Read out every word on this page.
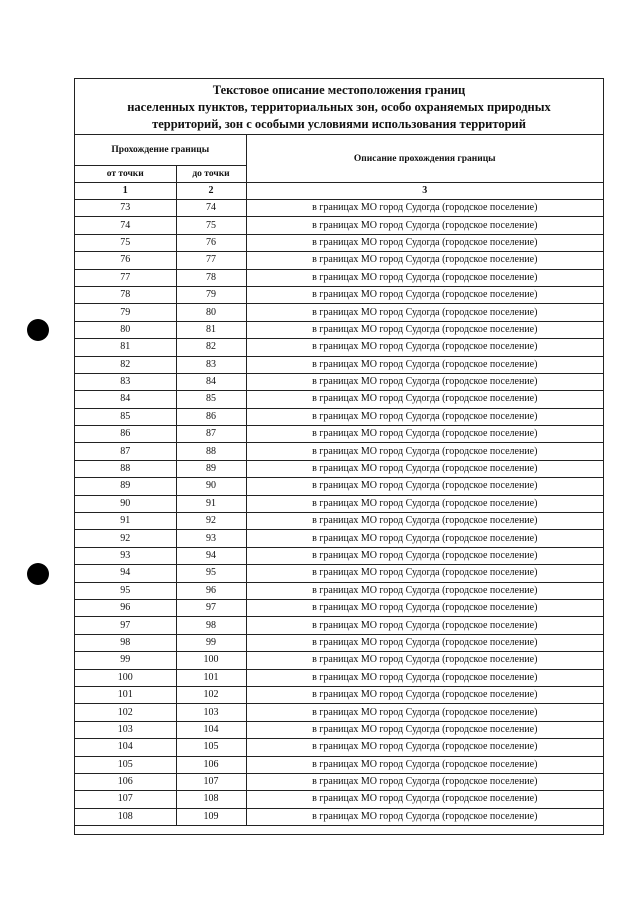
Текстовое описание местоположения границ
населенных пунктов, территориальных зон, особо охраняемых природных
территорий, зон с особыми условиями использования территорий
Прохождение границы		Описание прохождения границы
от точки	до точки	
1	2	3
73	74	в границах МО город Судогда (городское поселение)
74	75	в границах МО город Судогда (городское поселение)
75	76	в границах МО город Судогда (городское поселение)
76	77	в границах МО город Судогда (городское поселение)
77	78	в границах МО город Судогда (городское поселение)
78	79	в границах МО город Судогда (городское поселение)
79	80	в границах МО город Судогда (городское поселение)
80	81	в границах МО город Судогда (городское поселение)
81	82	в границах МО город Судогда (городское поселение)
82	83	в границах МО город Судогда (городское поселение)
83	84	в границах МО город Судогда (городское поселение)
84	85	в границах МО город Судогда (городское поселение)
85	86	в границах МО город Судогда (городское поселение)
86	87	в границах МО город Судогда (городское поселение)
87	88	в границах МО город Судогда (городское поселение)
88	89	в границах МО город Судогда (городское поселение)
89	90	в границах МО город Судогда (городское поселение)
90	91	в границах МО город Судогда (городское поселение)
91	92	в границах МО город Судогда (городское поселение)
92	93	в границах МО город Судогда (городское поселение)
93	94	в границах МО город Судогда (городское поселение)
94	95	в границах МО город Судогда (городское поселение)
95	96	в границах МО город Судогда (городское поселение)
96	97	в границах МО город Судогда (городское поселение)
97	98	в границах МО город Судогда (городское поселение)
98	99	в границах МО город Судогда (городское поселение)
99	100	в границах МО город Судогда (городское поселение)
100	101	в границах МО город Судогда (городское поселение)
101	102	в границах МО город Судогда (городское поселение)
102	103	в границах МО город Судогда (городское поселение)
103	104	в границах МО город Судогда (городское поселение)
104	105	в границах МО город Судогда (городское поселение)
105	106	в границах МО город Судогда (городское поселение)
106	107	в границах МО город Судогда (городское поселение)
107	108	в границах МО город Судогда (городское поселение)
108	109	в границах МО город Судогда (городское поселение)
